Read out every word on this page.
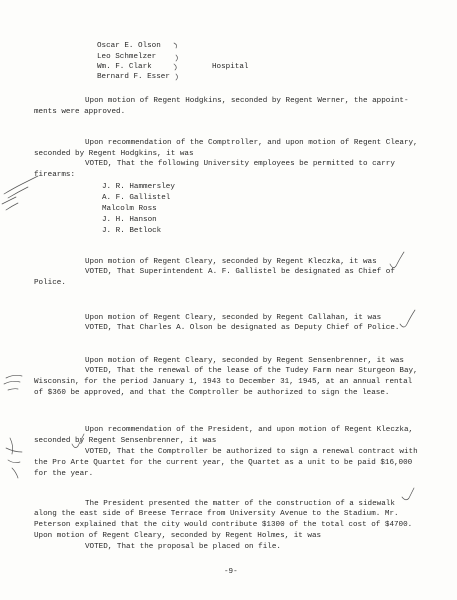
Oscar E. Olson
Leo Schmelzer
Wm. F. Clark
Bernard F. Esser
Hospital
Upon motion of Regent Hodgkins, seconded by Regent Werner, the appoint-
ments were approved.
Upon recommendation of the Comptroller, and upon motion of Regent Cleary,
seconded by Regent Hodgkins, it was
VOTED, That the following University employees be permitted to carry
firearms:
J. R. Hammersley
A. F. Gallistel
Malcolm Ross
J. H. Hanson
J. R. Betlock
Upon motion of Regent Cleary, seconded by Regent Kleczka, it was
VOTED, That Superintendent A. F. Gallistel be designated as Chief of
Police.
Upon motion of Regent Cleary, seconded by Regent Callahan, it was
VOTED, That Charles A. Olson be designated as Deputy Chief of Police.
Upon motion of Regent Cleary, seconded by Regent Sensenbrenner, it was
VOTED, That the renewal of the lease of the Tudey Farm near Sturgeon Bay,
Wisconsin, for the period January 1, 1943 to December 31, 1945, at an annual rental
of $360 be approved, and that the Comptroller be authorized to sign the lease.
Upon recommendation of the President, and upon motion of Regent Kleczka,
seconded by Regent Sensenbrenner, it was
VOTED, That the Comptroller be authorized to sign a renewal contract with
the Pro Arte Quartet for the current year, the Quartet as a unit to be paid $16,000
for the year.
The President presented the matter of the construction of a sidewalk
along the east side of Breese Terrace from University Avenue to the Stadium. Mr.
Peterson explained that the city would contribute $1300 of the total cost of $4700.
Upon motion of Regent Cleary, seconded by Regent Holmes, it was
VOTED, That the proposal be placed on file.
-9-
